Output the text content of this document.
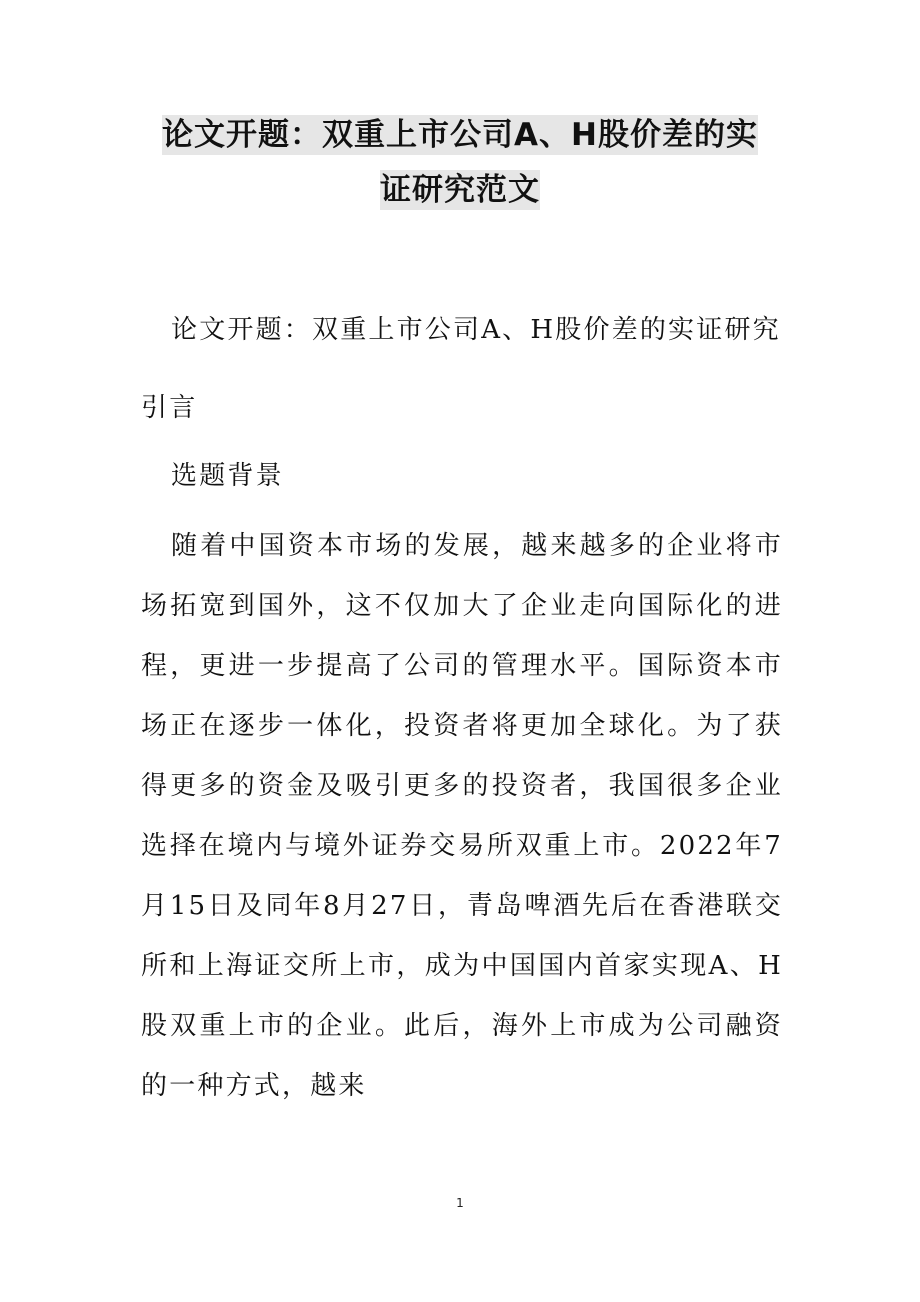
论文开题：双重上市公司A、H股价差的实
证研究范文

论文开题：双重上市公司A、H股价差的实证研究

引言

选题背景

随着中国资本市场的发展，越来越多的企业将市场拓宽到国外，这不仅加大了企业走向国际化的进程，更进一步提高了公司的管理水平。国际资本市场正在逐步一体化，投资者将更加全球化。为了获得更多的资金及吸引更多的投资者，我国很多企业选择在境内与境外证券交易所双重上市。2022年7月15日及同年8月27日，青岛啤酒先后在香港联交所和上海证交所上市，成为中国国内首家实现A、H股双重上市的企业。此后，海外上市成为公司融资的一种方式，越来

1
